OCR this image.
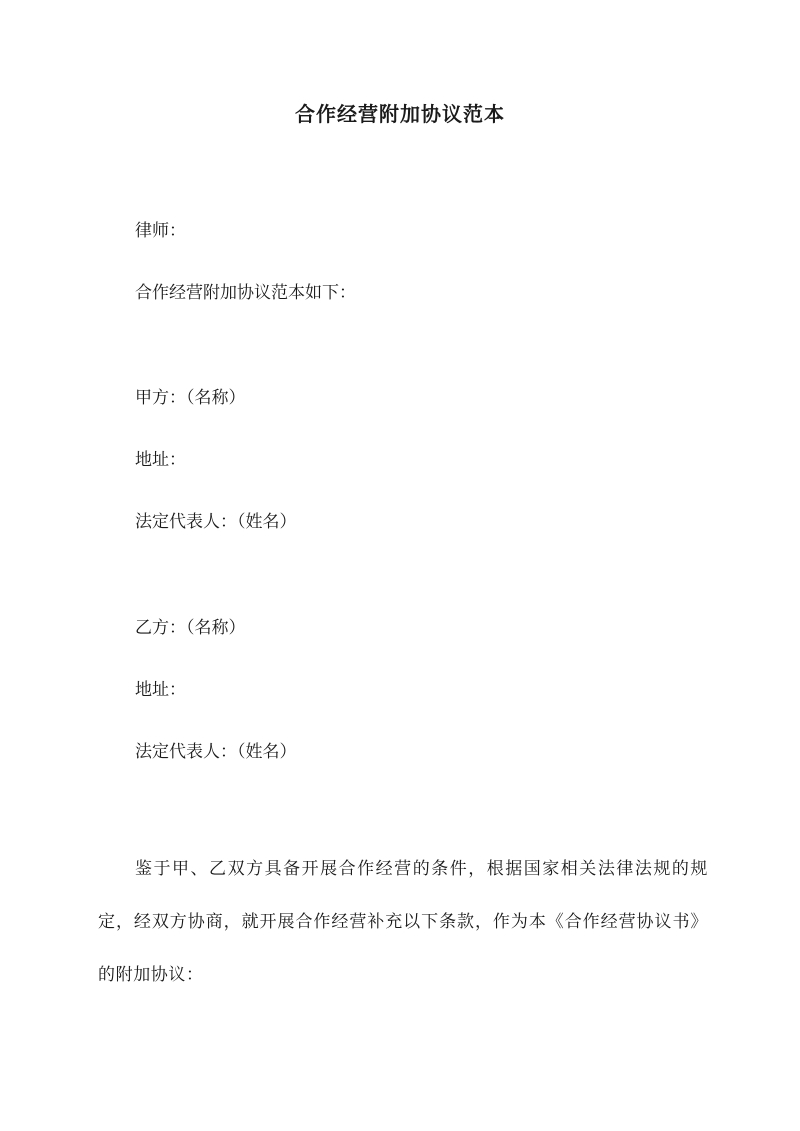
合作经营附加协议范本

律师：

合作经营附加协议范本如下：

甲方：（名称）

地址：

法定代表人：（姓名）

乙方：（名称）

地址：

法定代表人：（姓名）

鉴于甲、乙双方具备开展合作经营的条件，根据国家相关法律法规的规定，经双方协商，就开展合作经营补充以下条款，作为本《合作经营协议书》的附加协议：
